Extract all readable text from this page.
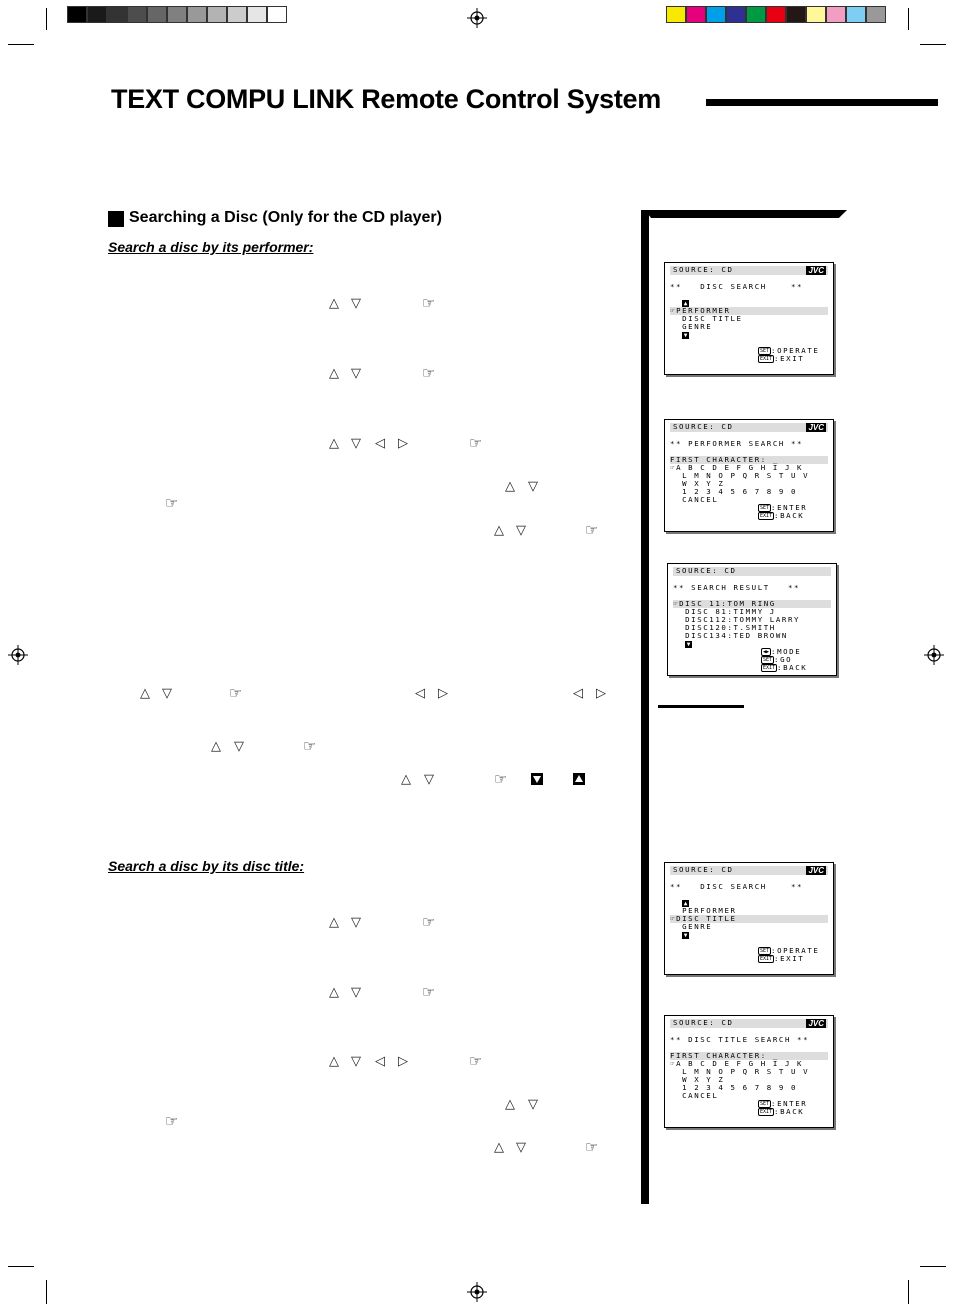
TEXT COMPU LINK Remote Control System
Searching a Disc (Only for the CD player)
Search a disc by its performer:
Search a disc by its disc title:
△ ▽	☞
△ ▽	☞
△ ▽ ◁ ▷	☞
△ ▽
☞
△ ▽	☞
△ ▽	☞	◁ ▷	◁ ▷
△ ▽	☞
△ ▽	☞
△ ▽	☞
△ ▽	☞
△ ▽ ◁ ▷	☞
△ ▽
☞
△ ▽	☞
SOURCE: CD	JVC
**   DISC SEARCH    **
▲
☞PERFORMER
DISC TITLE
GENRE
▼
SET :OPERATE
EXIT :EXIT
SOURCE: CD	JVC
** PERFORMER SEARCH **
FIRST CHARACTER: _
☞A B C D E F G H I J K
L M N O P Q R S T U V
W X Y Z
1 2 3 4 5 6 7 8 9 0
CANCEL
SET :ENTER
EXIT :BACK
SOURCE: CD
** SEARCH RESULT   **
☞DISC 11:TOM RING
DISC 81:TIMMY J
DISC112:TOMMY LARRY
DISC120:T.SMITH
DISC134:TED BROWN
▼
◀▶ :MODE
SET :GO
EXIT :BACK
SOURCE: CD	JVC
**   DISC SEARCH    **
▲
PERFORMER
☞DISC TITLE
GENRE
▼
SET :OPERATE
EXIT :EXIT
SOURCE: CD	JVC
** DISC TITLE SEARCH **
FIRST CHARACTER: _
☞A B C D E F G H I J K
L M N O P Q R S T U V
W X Y Z
1 2 3 4 5 6 7 8 9 0
CANCEL
SET :ENTER
EXIT :BACK
